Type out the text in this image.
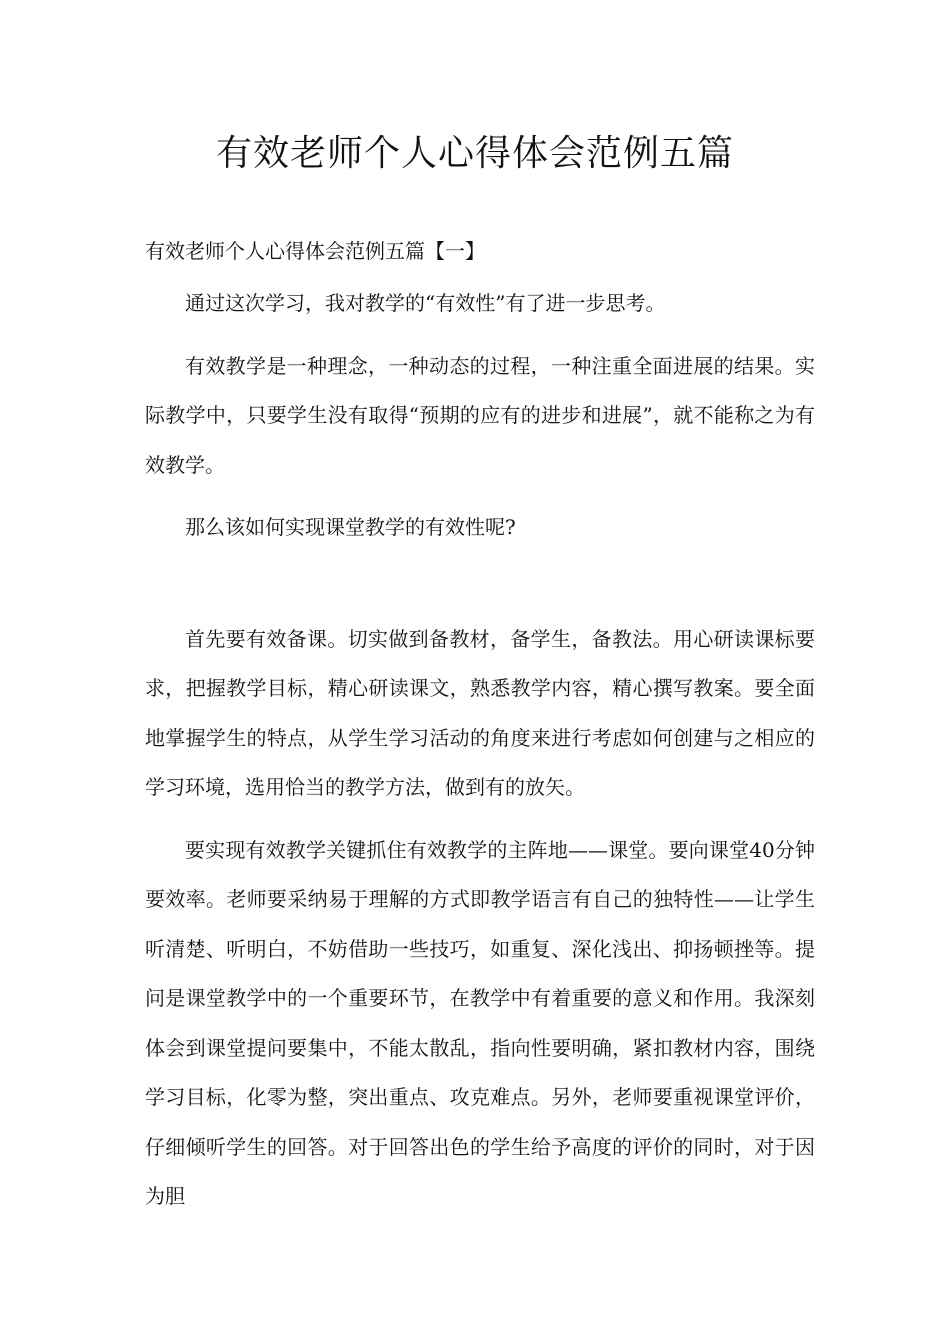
有效老师个人心得体会范例五篇

有效老师个人心得体会范例五篇【一】

通过这次学习，我对教学的“有效性”有了进一步思考。

有效教学是一种理念，一种动态的过程，一种注重全面进展的结果。实际教学中，只要学生没有取得“预期的应有的进步和进展”，就不能称之为有效教学。

那么该如何实现课堂教学的有效性呢?

首先要有效备课。切实做到备教材，备学生，备教法。用心研读课标要求，把握教学目标，精心研读课文，熟悉教学内容，精心撰写教案。要全面地掌握学生的特点，从学生学习活动的角度来进行考虑如何创建与之相应的学习环境，选用恰当的教学方法，做到有的放矢。

要实现有效教学关键抓住有效教学的主阵地——课堂。要向课堂40分钟要效率。老师要采纳易于理解的方式即教学语言有自己的独特性——让学生听清楚、听明白，不妨借助一些技巧，如重复、深化浅出、抑扬顿挫等。提问是课堂教学中的一个重要环节，在教学中有着重要的意义和作用。我深刻体会到课堂提问要集中，不能太散乱，指向性要明确，紧扣教材内容，围绕学习目标，化零为整，突出重点、攻克难点。另外，老师要重视课堂评价，仔细倾听学生的回答。对于回答出色的学生给予高度的评价的同时，对于因为胆
